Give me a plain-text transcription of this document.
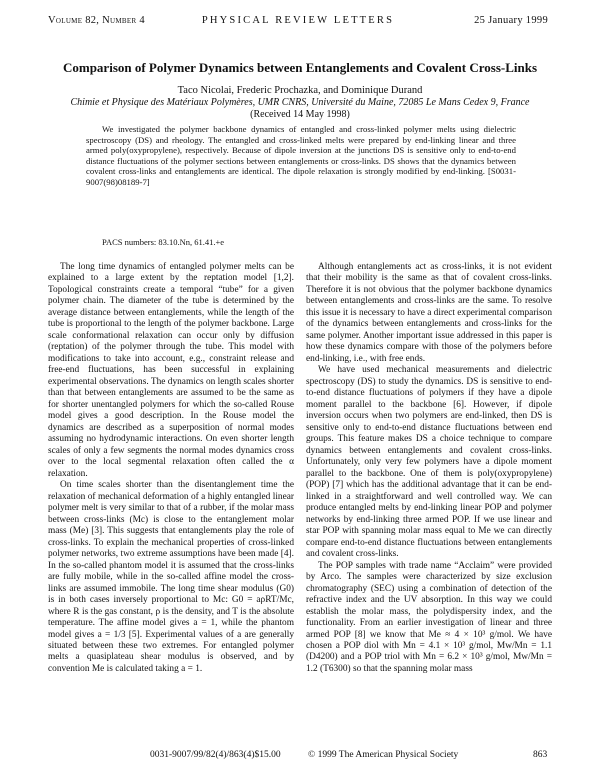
Volume 82, Number 4	PHYSICAL REVIEW LETTERS	25 January 1999
Comparison of Polymer Dynamics between Entanglements and Covalent Cross-Links
Taco Nicolai, Frederic Prochazka, and Dominique Durand
Chimie et Physique des Matériaux Polymères, UMR CNRS, Université du Maine, 72085 Le Mans Cedex 9, France
(Received 14 May 1998)

We investigated the polymer backbone dynamics of entangled and cross-linked polymer melts using dielectric spectroscopy (DS) and rheology. The entangled and cross-linked melts were prepared by end-linking linear and three armed poly(oxypropylene), respectively. Because of dipole inversion at the junctions DS is sensitive only to end-to-end distance fluctuations of the polymer sections between entanglements or cross-links. DS shows that the dynamics between covalent cross-links and entanglements are identical. The dipole relaxation is strongly modified by end-linking. [S0031-9007(98)08189-7]

PACS numbers: 83.10.Nn, 61.41.+e

The long time dynamics of entangled polymer melts can be explained to a large extent by the reptation model [1,2]. Topological constraints create a temporal “tube” for a given polymer chain. The diameter of the tube is determined by the average distance between entanglements, while the length of the tube is proportional to the length of the polymer backbone. Large scale conformational relaxation can occur only by diffusion (reptation) of the polymer through the tube. This model with modifications to take into account, e.g., constraint release and free-end fluctuations, has been successful in explaining experimental observations. The dynamics on length scales shorter than that between entanglements are assumed to be the same as for shorter unentangled polymers for which the so-called Rouse model gives a good description. In the Rouse model the dynamics are described as a superposition of normal modes assuming no hydrodynamic interactions. On even shorter length scales of only a few segments the normal modes dynamics cross over to the local segmental relaxation often called the α relaxation.

On time scales shorter than the disentanglement time the relaxation of mechanical deformation of a highly entangled linear polymer melt is very similar to that of a rubber, if the molar mass between cross-links (Mc) is close to the entanglement molar mass (Me) [3]. This suggests that entanglements play the role of cross-links. To explain the mechanical properties of cross-linked polymer networks, two extreme assumptions have been made [4]. In the so-called phantom model it is assumed that the cross-links are fully mobile, while in the so-called affine model the cross-links are assumed immobile. The long time shear modulus (G0) is in both cases inversely proportional to Mc: G0 = aρRT/Mc, where R is the gas constant, ρ is the density, and T is the absolute temperature. The affine model gives a = 1, while the phantom model gives a = 1/3 [5]. Experimental values of a are generally situated between these two extremes. For entangled polymer melts a quasiplateau shear modulus is observed, and by convention Me is calculated taking a = 1.

Although entanglements act as cross-links, it is not evident that their mobility is the same as that of covalent cross-links. Therefore it is not obvious that the polymer backbone dynamics between entanglements and cross-links are the same. To resolve this issue it is necessary to have a direct experimental comparison of the dynamics between entanglements and cross-links for the same polymer. Another important issue addressed in this paper is how these dynamics compare with those of the polymers before end-linking, i.e., with free ends.

We have used mechanical measurements and dielectric spectroscopy (DS) to study the dynamics. DS is sensitive to end-to-end distance fluctuations of polymers if they have a dipole moment parallel to the backbone [6]. However, if dipole inversion occurs when two polymers are end-linked, then DS is sensitive only to end-to-end distance fluctuations between end groups. This feature makes DS a choice technique to compare dynamics between entanglements and covalent cross-links. Unfortunately, only very few polymers have a dipole moment parallel to the backbone. One of them is poly(oxypropylene) (POP) [7] which has the additional advantage that it can be end-linked in a straightforward and well controlled way. We can produce entangled melts by end-linking linear POP and polymer networks by end-linking three armed POP. If we use linear and star POP with spanning molar mass equal to Me we can directly compare end-to-end distance fluctuations between entanglements and covalent cross-links.

The POP samples with trade name “Acclaim” were provided by Arco. The samples were characterized by size exclusion chromatography (SEC) using a combination of detection of the refractive index and the UV absorption. In this way we could establish the molar mass, the polydispersity index, and the functionality. From an earlier investigation of linear and three armed POP [8] we know that Me ≈ 4 × 10³ g/mol. We have chosen a POP diol with Mn = 4.1 × 10³ g/mol, Mw/Mn = 1.1 (D4200) and a POP triol with Mn = 6.2 × 10³ g/mol, Mw/Mn = 1.2 (T6300) so that the spanning molar mass

0031-9007/99/82(4)/863(4)$15.00	© 1999 The American Physical Society	863
